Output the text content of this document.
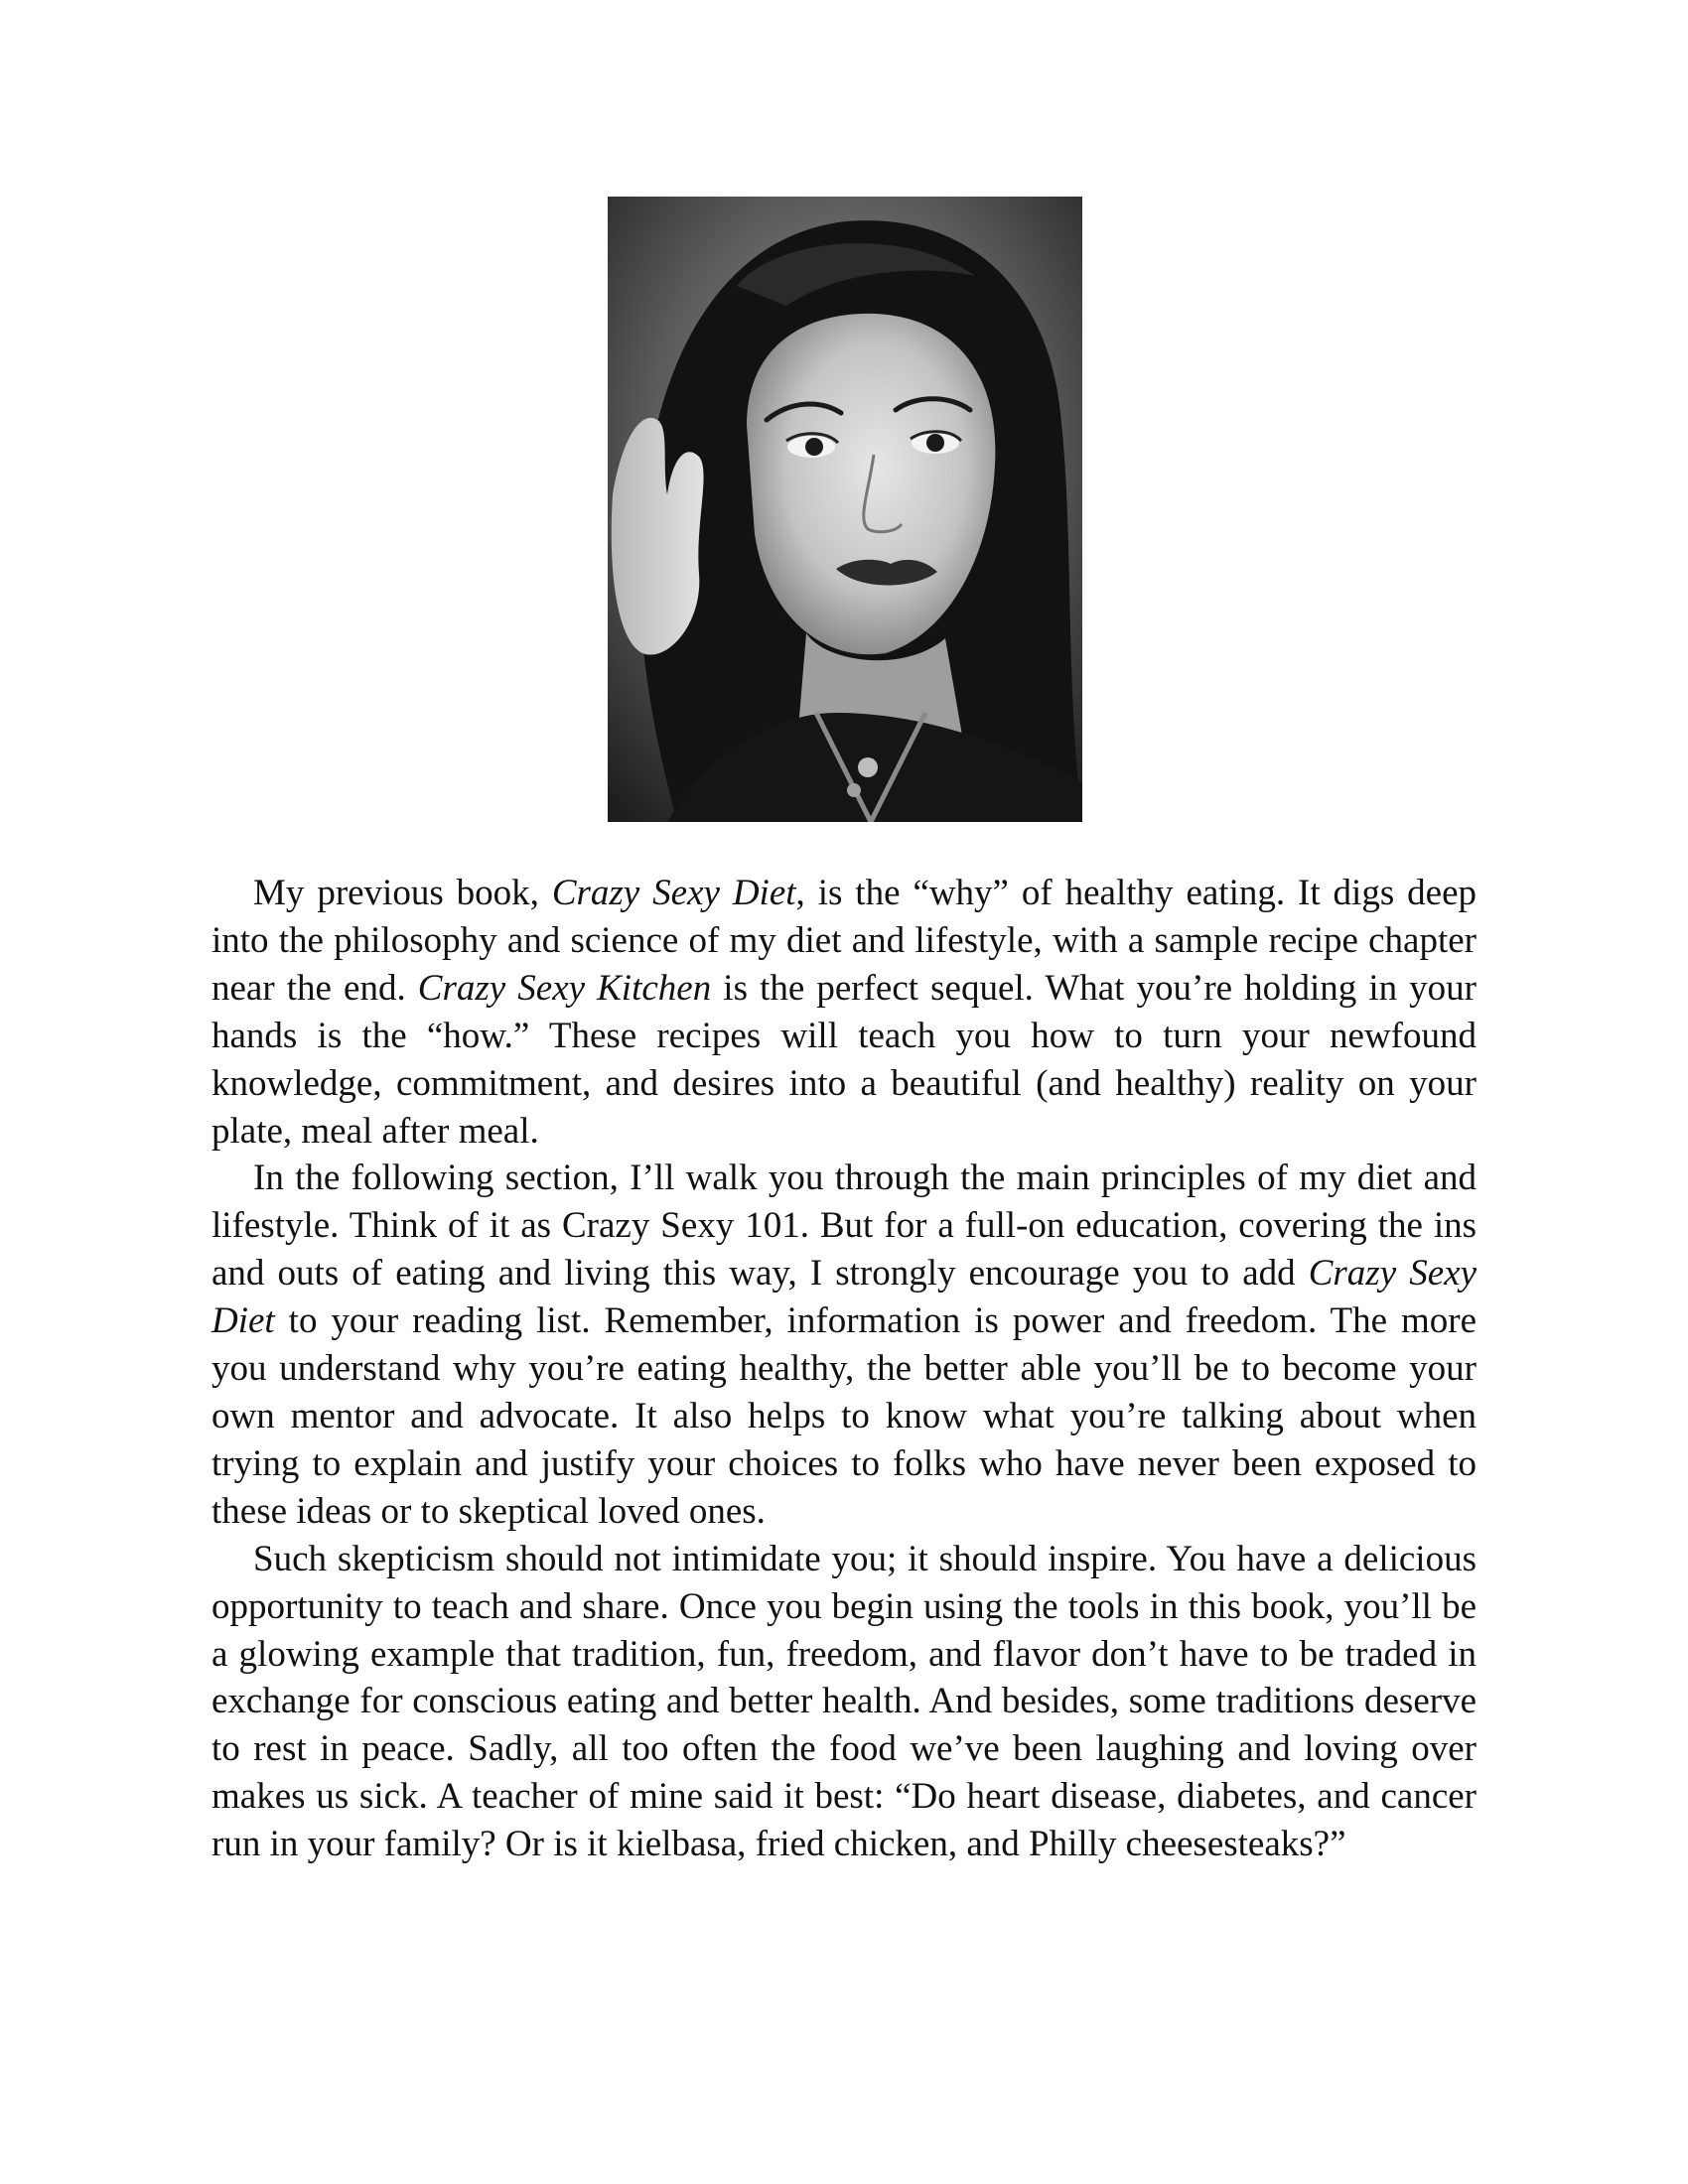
My previous book, Crazy Sexy Diet, is the “why” of healthy eating. It digs deep into the philosophy and science of my diet and lifestyle, with a sample recipe chapter near the end. Crazy Sexy Kitchen is the perfect sequel. What you’re holding in your hands is the “how.” These recipes will teach you how to turn your newfound knowledge, commitment, and desires into a beautiful (and healthy) reality on your plate, meal after meal.

In the following section, I’ll walk you through the main principles of my diet and lifestyle. Think of it as Crazy Sexy 101. But for a full-on education, covering the ins and outs of eating and living this way, I strongly encourage you to add Crazy Sexy Diet to your reading list. Remember, information is power and freedom. The more you understand why you’re eating healthy, the better able you’ll be to become your own mentor and advocate. It also helps to know what you’re talking about when trying to explain and justify your choices to folks who have never been exposed to these ideas or to skeptical loved ones.

Such skepticism should not intimidate you; it should inspire. You have a delicious opportunity to teach and share. Once you begin using the tools in this book, you’ll be a glowing example that tradition, fun, freedom, and flavor don’t have to be traded in exchange for conscious eating and better health. And besides, some traditions deserve to rest in peace. Sadly, all too often the food we’ve been laughing and loving over makes us sick. A teacher of mine said it best: “Do heart disease, diabetes, and cancer run in your family? Or is it kielbasa, fried chicken, and Philly cheesesteaks?”
